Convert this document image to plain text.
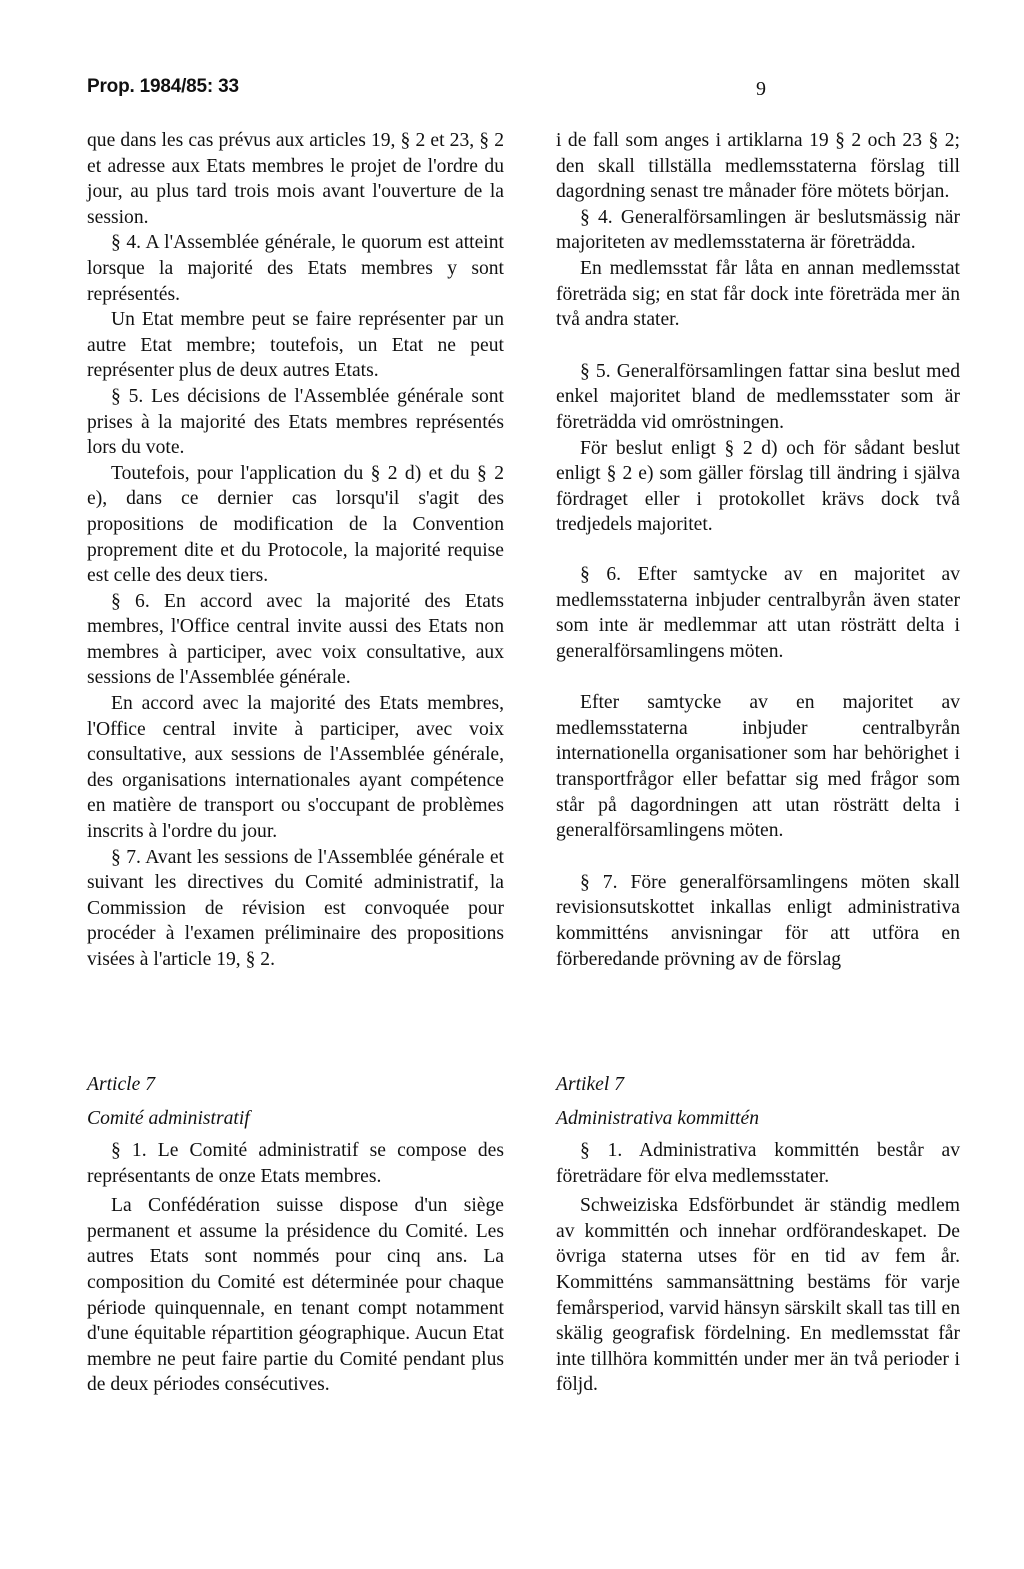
Prop. 1984/85: 33	9

que dans les cas prévus aux articles 19, § 2 et 23, § 2 et adresse aux Etats membres le projet de l'ordre du jour, au plus tard trois mois avant l'ouverture de la session.

§ 4. A l'Assemblée générale, le quorum est atteint lorsque la majorité des Etats membres y sont représentés.

Un Etat membre peut se faire représenter par un autre Etat membre; toutefois, un Etat ne peut représenter plus de deux autres Etats.

§ 5. Les décisions de l'Assemblée générale sont prises à la majorité des Etats membres représentés lors du vote.

Toutefois, pour l'application du § 2 d) et du § 2 e), dans ce dernier cas lorsqu'il s'agit des propositions de modification de la Convention proprement dite et du Protocole, la majorité requise est celle des deux tiers.

§ 6. En accord avec la majorité des Etats membres, l'Office central invite aussi des Etats non membres à participer, avec voix consultative, aux sessions de l'Assemblée générale.

En accord avec la majorité des Etats membres, l'Office central invite à participer, avec voix consultative, aux sessions de l'Assemblée générale, des organisations internationales ayant compétence en matière de transport ou s'occupant de problèmes inscrits à l'ordre du jour.

§ 7. Avant les sessions de l'Assemblée générale et suivant les directives du Comité administratif, la Commission de révision est convoquée pour procéder à l'examen préliminaire des propositions visées à l'article 19, § 2.

Article 7

Comité administratif

§ 1. Le Comité administratif se compose des représentants de onze Etats membres.

La Confédération suisse dispose d'un siège permanent et assume la présidence du Comité. Les autres Etats sont nommés pour cinq ans. La composition du Comité est déterminée pour chaque période quinquennale, en tenant compt notamment d'une équitable répartition géographique. Aucun Etat membre ne peut faire partie du Comité pendant plus de deux périodes consécutives.

i de fall som anges i artiklarna 19 § 2 och 23 § 2; den skall tillställa medlemsstaterna förslag till dagordning senast tre månader före mötets början.

§ 4. Generalförsamlingen är beslutsmässig när majoriteten av medlemsstaterna är företrädda.

En medlemsstat får låta en annan medlemsstat företräda sig; en stat får dock inte företräda mer än två andra stater.

§ 5. Generalförsamlingen fattar sina beslut med enkel majoritet bland de medlemsstater som är företrädda vid omröstningen.

För beslut enligt § 2 d) och för sådant beslut enligt § 2 e) som gäller förslag till ändring i själva fördraget eller i protokollet krävs dock två tredjedels majoritet.

§ 6. Efter samtycke av en majoritet av medlemsstaterna inbjuder centralbyrån även stater som inte är medlemmar att utan rösträtt delta i generalförsamlingens möten.

Efter samtycke av en majoritet av medlemsstaterna inbjuder centralbyrån internationella organisationer som har behörighet i transportfrågor eller befattar sig med frågor som står på dagordningen att utan rösträtt delta i generalförsamlingens möten.

§ 7. Före generalförsamlingens möten skall revisionsutskottet inkallas enligt administrativa kommitténs anvisningar för att utföra en förberedande prövning av de förslag

Artikel 7

Administrativa kommittén

§ 1. Administrativa kommittén består av företrädare för elva medlemsstater.

Schweiziska Edsförbundet är ständig medlem av kommittén och innehar ordförandeskapet. De övriga staterna utses för en tid av fem år. Kommitténs sammansättning bestäms för varje femårsperiod, varvid hänsyn särskilt skall tas till en skälig geografisk fördelning. En medlemsstat får inte tillhöra kommittén under mer än två perioder i följd.
